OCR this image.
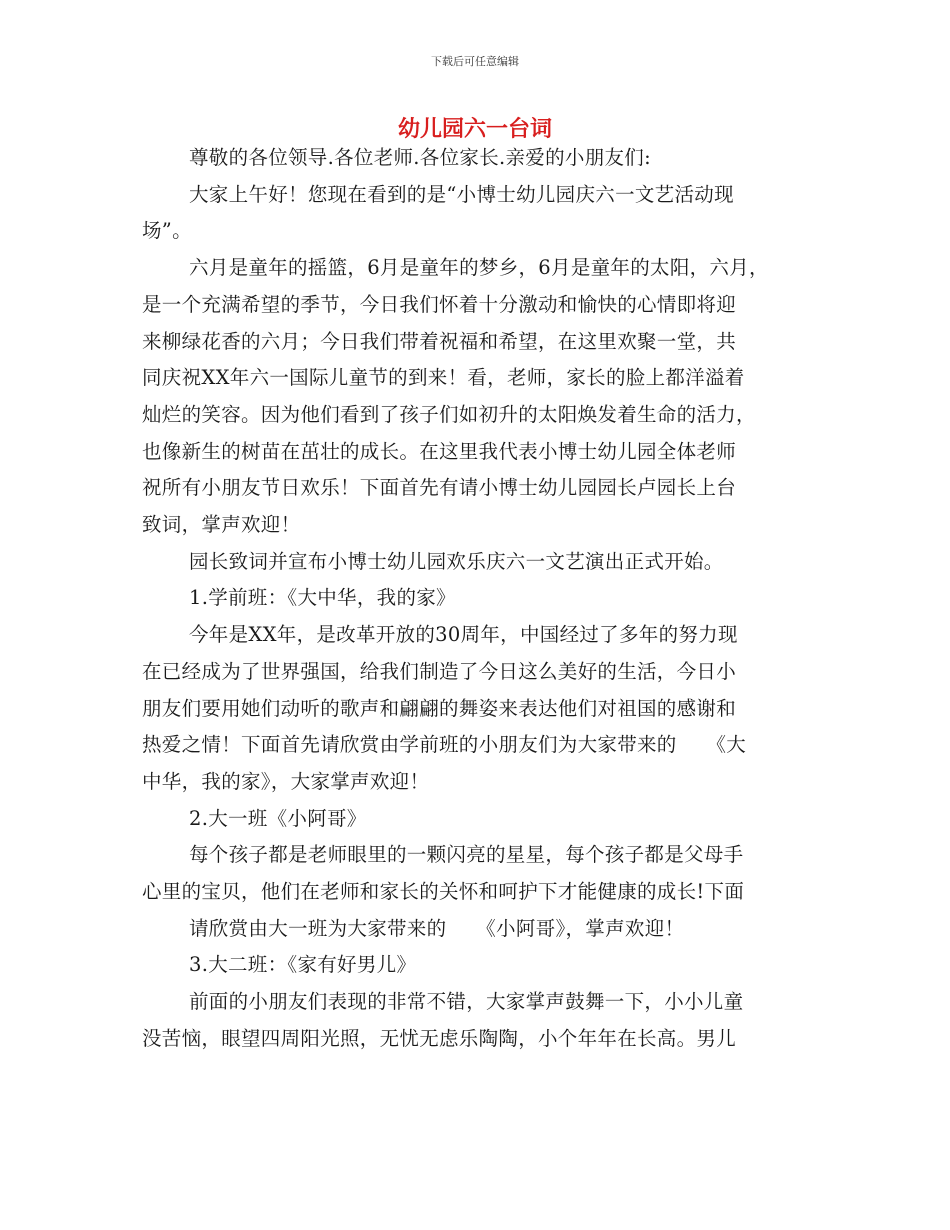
下载后可任意编辑
幼儿园六一台词
尊敬的各位领导.各位老师.各位家长.亲爱的小朋友们:
大家上午好！您现在看到的是“小博士幼儿园庆六一文艺活动现
场”。
六月是童年的摇篮，6月是童年的梦乡，6月是童年的太阳，六月，
是一个充满希望的季节，今日我们怀着十分激动和愉快的心情即将迎
来柳绿花香的六月；今日我们带着祝福和希望，在这里欢聚一堂，共
同庆祝XX年六一国际儿童节的到来！看，老师，家长的脸上都洋溢着
灿烂的笑容。因为他们看到了孩子们如初升的太阳焕发着生命的活力，
也像新生的树苗在茁壮的成长。在这里我代表小博士幼儿园全体老师
祝所有小朋友节日欢乐！下面首先有请小博士幼儿园园长卢园长上台
致词，掌声欢迎！
园长致词并宣布小博士幼儿园欢乐庆六一文艺演出正式开始。
1.学前班：《大中华，我的家》
今年是XX年，是改革开放的30周年，中国经过了多年的努力现
在已经成为了世界强国，给我们制造了今日这么美好的生活，今日小
朋友们要用她们动听的歌声和翩翩的舞姿来表达他们对祖国的感谢和
热爱之情！下面首先请欣赏由学前班的小朋友们为大家带来的　　《大
中华，我的家》，大家掌声欢迎！
2.大一班《小阿哥》
每个孩子都是老师眼里的一颗闪亮的星星，每个孩子都是父母手
心里的宝贝，他们在老师和家长的关怀和呵护下才能健康的成长!下面
请欣赏由大一班为大家带来的　　《小阿哥》，掌声欢迎！
3.大二班：《家有好男儿》
前面的小朋友们表现的非常不错，大家掌声鼓舞一下，小小儿童
没苦恼，眼望四周阳光照，无忧无虑乐陶陶，小个年年在长高。男儿
